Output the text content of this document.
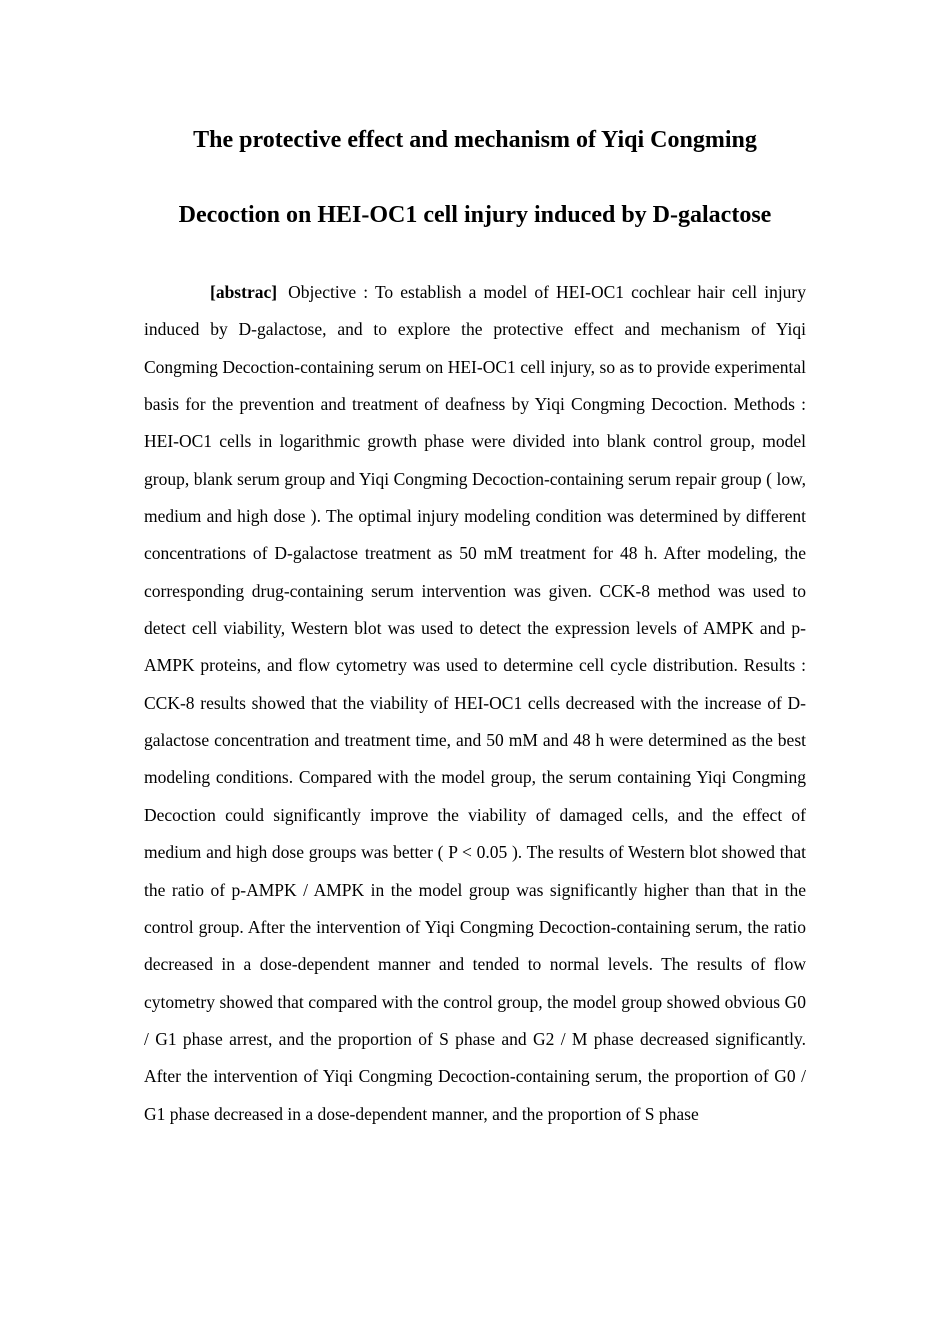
The protective effect and mechanism of Yiqi Congming
Decoction on HEI-OC1 cell injury induced by D-galactose

[abstrac] Objective : To establish a model of HEI-OC1 cochlear hair cell injury induced by D-galactose, and to explore the protective effect and mechanism of Yiqi Congming Decoction-containing serum on HEI-OC1 cell injury, so as to provide experimental basis for the prevention and treatment of deafness by Yiqi Congming Decoction. Methods : HEI-OC1 cells in logarithmic growth phase were divided into blank control group, model group, blank serum group and Yiqi Congming Decoction-containing serum repair group ( low, medium and high dose ). The optimal injury modeling condition was determined by different concentrations of D-galactose treatment as 50 mM treatment for 48 h. After modeling, the corresponding drug-containing serum intervention was given. CCK-8 method was used to detect cell viability, Western blot was used to detect the expression levels of AMPK and p-AMPK proteins, and flow cytometry was used to determine cell cycle distribution. Results : CCK-8 results showed that the viability of HEI-OC1 cells decreased with the increase of D-galactose concentration and treatment time, and 50 mM and 48 h were determined as the best modeling conditions. Compared with the model group, the serum containing Yiqi Congming Decoction could significantly improve the viability of damaged cells, and the effect of medium and high dose groups was better ( P < 0.05 ). The results of Western blot showed that the ratio of p-AMPK / AMPK in the model group was significantly higher than that in the control group. After the intervention of Yiqi Congming Decoction-containing serum, the ratio decreased in a dose-dependent manner and tended to normal levels. The results of flow cytometry showed that compared with the control group, the model group showed obvious G0 / G1 phase arrest, and the proportion of S phase and G2 / M phase decreased significantly. After the intervention of Yiqi Congming Decoction-containing serum, the proportion of G0 / G1 phase decreased in a dose-dependent manner, and the proportion of S phase
